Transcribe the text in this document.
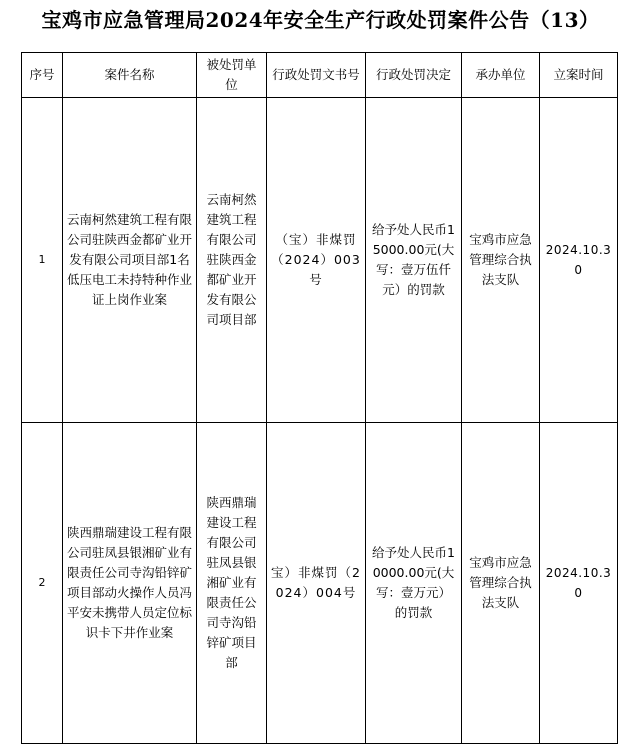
宝鸡市应急管理局2024年安全生产行政处罚案件公告（13）
序号	案件名称	被处罚单位	行政处罚文书号	行政处罚决定	承办单位	立案时间
1	云南柯然建筑工程有限公司驻陕西金都矿业开发有限公司项目部1名低压电工未持特种作业证上岗作业案	云南柯然建筑工程有限公司驻陕西金都矿业开发有限公司项目部	（宝）非煤罚（2024）003号	给予处人民币15000.00元(大写：壹万伍仟元）的罚款	宝鸡市应急管理综合执法支队	2024.10.30
2	陕西鼎瑞建设工程有限公司驻凤县银湘矿业有限责任公司寺沟铅锌矿项目部动火操作人员冯平安未携带人员定位标识卡下井作业案	陕西鼎瑞建设工程有限公司驻凤县银湘矿业有限责任公司寺沟铅锌矿项目部	宝）非煤罚（2024）004号	给予处人民币10000.00元(大写：壹万元）的罚款	宝鸡市应急管理综合执法支队	2024.10.30
